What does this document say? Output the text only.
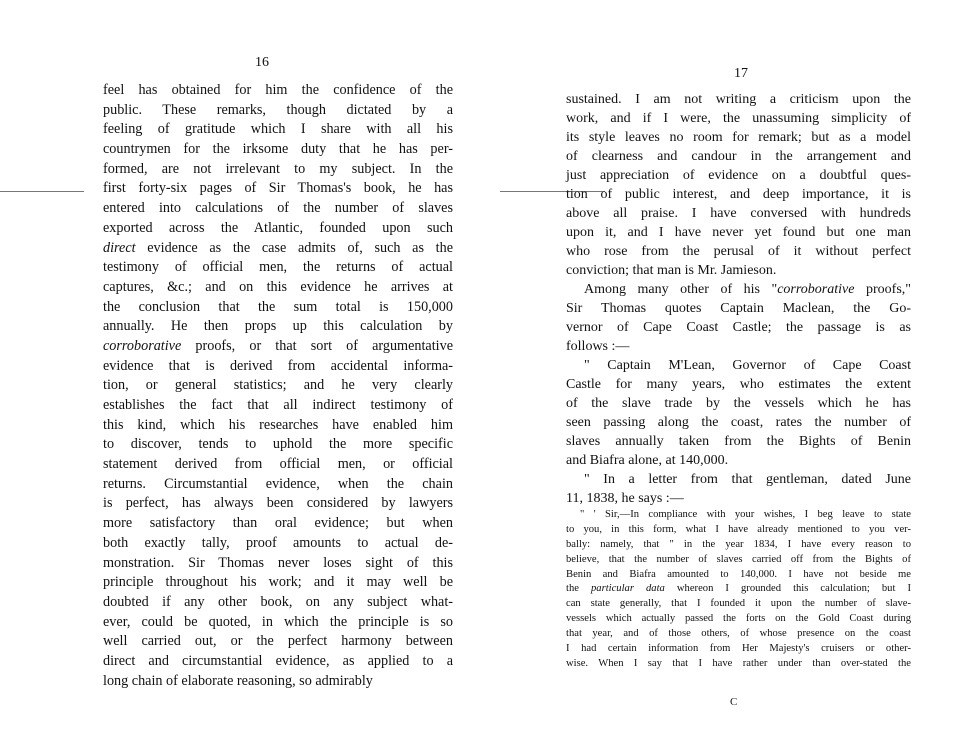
16
feel has obtained for him the confidence of the
public. These remarks, though dictated by a
feeling of gratitude which I share with all his
countrymen for the irksome duty that he has per-
formed, are not irrelevant to my subject. In the
first forty-six pages of Sir Thomas's book, he has
entered into calculations of the number of slaves
exported across the Atlantic, founded upon such
direct evidence as the case admits of, such as the
testimony of official men, the returns of actual
captures, &c.; and on this evidence he arrives at
the conclusion that the sum total is 150,000
annually. He then props up this calculation by
corroborative proofs, or that sort of argumentative
evidence that is derived from accidental informa-
tion, or general statistics; and he very clearly
establishes the fact that all indirect testimony of
this kind, which his researches have enabled him
to discover, tends to uphold the more specific
statement derived from official men, or official
returns. Circumstantial evidence, when the chain
is perfect, has always been considered by lawyers
more satisfactory than oral evidence; but when
both exactly tally, proof amounts to actual de-
monstration. Sir Thomas never loses sight of this
principle throughout his work; and it may well be
doubted if any other book, on any subject what-
ever, could be quoted, in which the principle is so
well carried out, or the perfect harmony between
direct and circumstantial evidence, as applied to a
long chain of elaborate reasoning, so admirably
17
sustained. I am not writing a criticism upon the
work, and if I were, the unassuming simplicity of
its style leaves no room for remark; but as a model
of clearness and candour in the arrangement and
just appreciation of evidence on a doubtful ques-
tion of public interest, and deep importance, it is
above all praise. I have conversed with hundreds
upon it, and I have never yet found but one man
who rose from the perusal of it without perfect
conviction; that man is Mr. Jamieson.
Among many other of his "corroborative proofs,"
Sir Thomas quotes Captain Maclean, the Go-
vernor of Cape Coast Castle; the passage is as
follows :—
" Captain M'Lean, Governor of Cape Coast
Castle for many years, who estimates the extent
of the slave trade by the vessels which he has
seen passing along the coast, rates the number of
slaves annually taken from the Bights of Benin
and Biafra alone, at 140,000.
" In a letter from that gentleman, dated June
11, 1838, he says :—
" ' Sir,—In compliance with your wishes, I beg leave to state
to you, in this form, what I have already mentioned to you ver-
bally: namely, that " in the year 1834, I have every reason to
believe, that the number of slaves carried off from the Bights of
Benin and Biafra amounted to 140,000. I have not beside me
the particular data whereon I grounded this calculation; but I
can state generally, that I founded it upon the number of slave-
vessels which actually passed the forts on the Gold Coast during
that year, and of those others, of whose presence on the coast
I had certain information from Her Majesty's cruisers or other-
wise. When I say that I have rather under than over-stated the
C
